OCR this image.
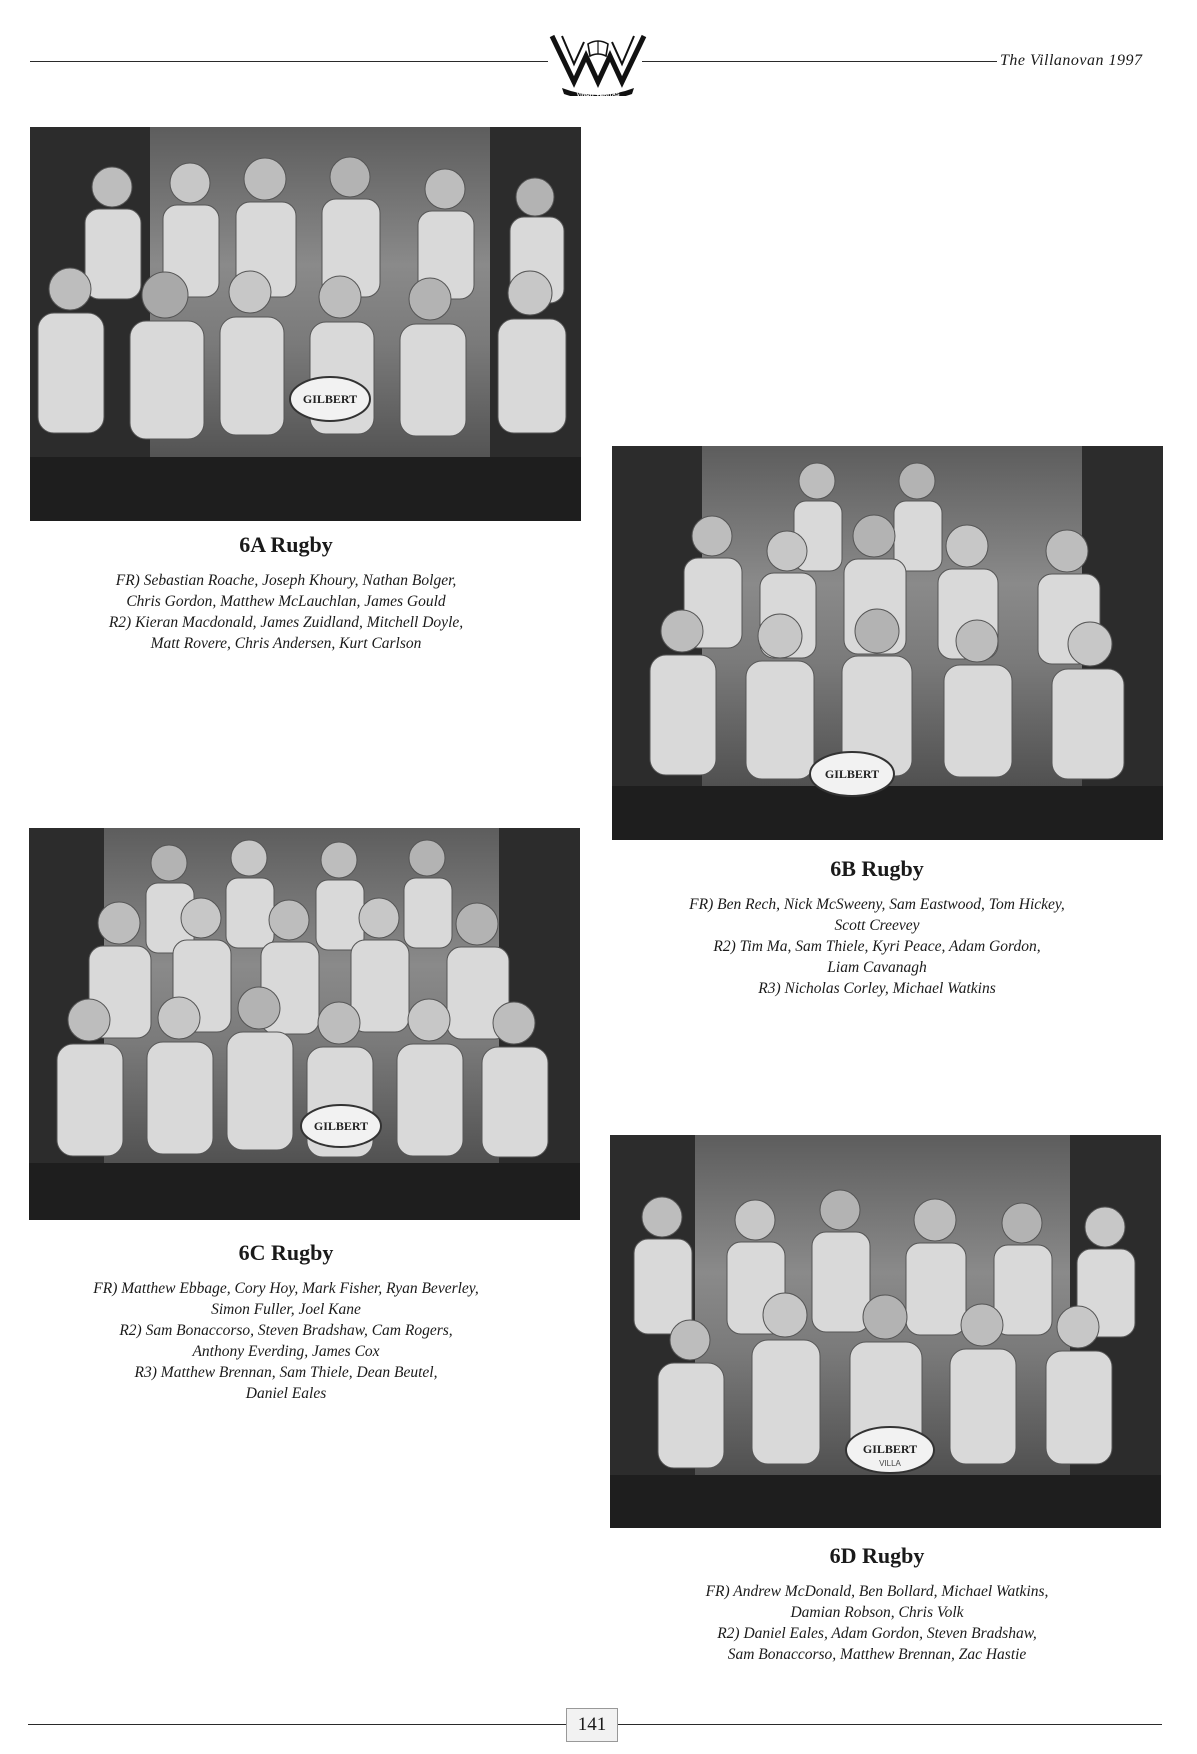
VINCIT VERITAS
The Villanovan 1997
GILBERT
6A Rugby

FR) Sebastian Roache, Joseph Khoury, Nathan Bolger,
Chris Gordon, Matthew McLauchlan, James Gould
R2) Kieran Macdonald, James Zuidland, Mitchell Doyle,
Matt Rovere, Chris Andersen, Kurt Carlson

GILBERT
6B Rugby

FR) Ben Rech, Nick McSweeny, Sam Eastwood, Tom Hickey,
Scott Creevey
R2) Tim Ma, Sam Thiele, Kyri Peace, Adam Gordon,
Liam Cavanagh
R3) Nicholas Corley, Michael Watkins

GILBERT
6C Rugby

FR) Matthew Ebbage, Cory Hoy, Mark Fisher, Ryan Beverley,
Simon Fuller, Joel Kane
R2) Sam Bonaccorso, Steven Bradshaw, Cam Rogers,
Anthony Everding, James Cox
R3) Matthew Brennan, Sam Thiele, Dean Beutel,
Daniel Eales

GILBERT
VILLA
6D Rugby

FR) Andrew McDonald, Ben Bollard, Michael Watkins,
Damian Robson, Chris Volk
R2) Daniel Eales, Adam Gordon, Steven Bradshaw,
Sam Bonaccorso, Matthew Brennan, Zac Hastie

141
